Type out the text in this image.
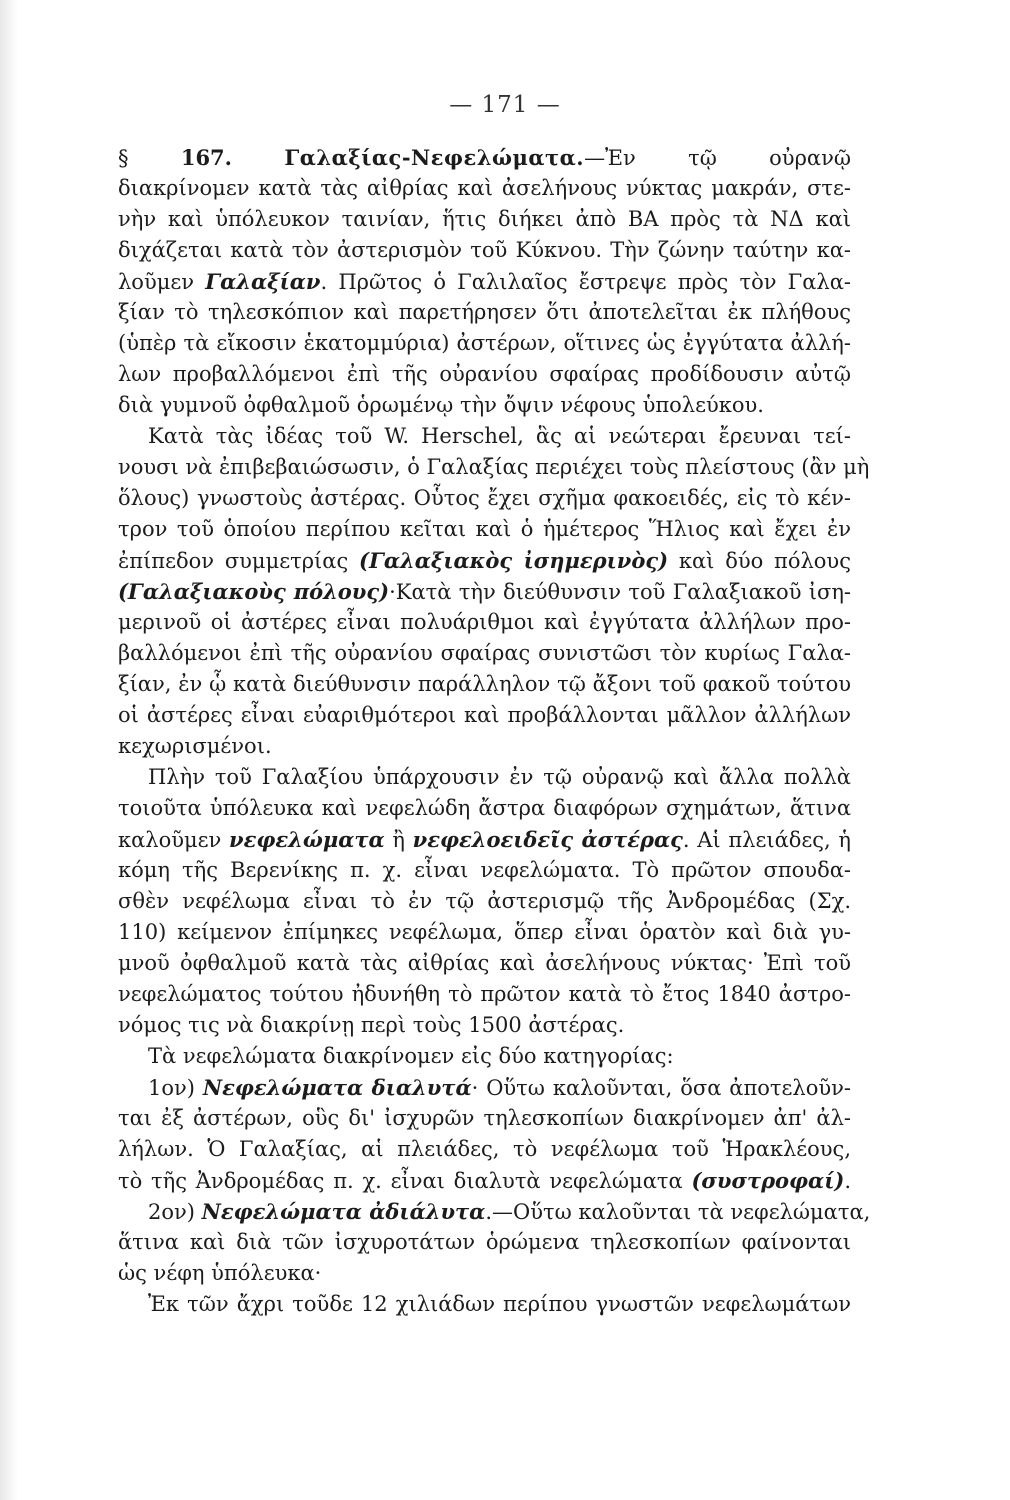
— 171 —
§ 167. Γαλαξίας-Νεφελώματα.—Ἐν τῷ οὐρανῷ
διακρίνομεν κατὰ τὰς αἰθρίας καὶ ἀσελήνους νύκτας μακράν, στε-
νὴν καὶ ὑπόλευκον ταινίαν, ἥτις διήκει ἀπὸ ΒΑ πρὸς τὰ ΝΔ καὶ
διχάζεται κατὰ τὸν ἀστερισμὸν τοῦ Κύκνου. Τὴν ζώνην ταύτην κα-
λοῦμεν Γαλαξίαν. Πρῶτος ὁ Γαλιλαῖος ἔστρεψε πρὸς τὸν Γαλα-
ξίαν τὸ τηλεσκόπιον καὶ παρετήρησεν ὅτι ἀποτελεῖται ἐκ πλήθους
(ὑπὲρ τὰ εἴκοσιν ἑκατομμύρια) ἀστέρων, οἵτινες ὡς ἐγγύτατα ἀλλή-
λων προβαλλόμενοι ἐπὶ τῆς οὐρανίου σφαίρας προδίδουσιν αὐτῷ
διὰ γυμνοῦ ὀφθαλμοῦ ὁρωμένῳ τὴν ὄψιν νέφους ὑπολεύκου.
Κατὰ τὰς ἰδέας τοῦ W. Herschel, ἃς αἱ νεώτεραι ἔρευναι τεί-
νουσι νὰ ἐπιβεβαιώσωσιν, ὁ Γαλαξίας περιέχει τοὺς πλείστους (ἂν μὴ
ὅλους) γνωστοὺς ἀστέρας. Οὗτος ἔχει σχῆμα φακοειδές, εἰς τὸ κέν-
τρον τοῦ ὁποίου περίπου κεῖται καὶ ὁ ἡμέτερος Ἥλιος καὶ ἔχει ἐν
ἐπίπεδον συμμετρίας (Γαλαξιακὸς ἰσημερινὸς) καὶ δύο πόλους
(Γαλαξιακοὺς πόλους)·Κατὰ τὴν διεύθυνσιν τοῦ Γαλαξιακοῦ ἰση-
μερινοῦ οἱ ἀστέρες εἶναι πολυάριθμοι καὶ ἐγγύτατα ἀλλήλων προ-
βαλλόμενοι ἐπὶ τῆς οὐρανίου σφαίρας συνιστῶσι τὸν κυρίως Γαλα-
ξίαν, ἐν ᾧ κατὰ διεύθυνσιν παράλληλον τῷ ἄξονι τοῦ φακοῦ τούτου
οἱ ἀστέρες εἶναι εὐαριθμότεροι καὶ προβάλλονται μᾶλλον ἀλλήλων
κεχωρισμένοι.
Πλὴν τοῦ Γαλαξίου ὑπάρχουσιν ἐν τῷ οὐρανῷ καὶ ἄλλα πολλὰ
τοιοῦτα ὑπόλευκα καὶ νεφελώδη ἄστρα διαφόρων σχημάτων, ἅτινα
καλοῦμεν νεφελώματα ἢ νεφελοειδεῖς ἀστέρας. Αἱ πλειάδες, ἡ
κόμη τῆς Βερενίκης π. χ. εἶναι νεφελώματα. Τὸ πρῶτον σπουδα-
σθὲν νεφέλωμα εἶναι τὸ ἐν τῷ ἀστερισμῷ τῆς Ἀνδρομέδας (Σχ.
110) κείμενον ἐπίμηκες νεφέλωμα, ὅπερ εἶναι ὁρατὸν καὶ διὰ γυ-
μνοῦ ὀφθαλμοῦ κατὰ τὰς αἰθρίας καὶ ἀσελήνους νύκτας· Ἐπὶ τοῦ
νεφελώματος τούτου ἠδυνήθη τὸ πρῶτον κατὰ τὸ ἔτος 1840 ἀστρο-
νόμος τις νὰ διακρίνῃ περὶ τοὺς 1500 ἀστέρας.
Τὰ νεφελώματα διακρίνομεν εἰς δύο κατηγορίας:
1ον) Νεφελώματα διαλυτά· Οὕτω καλοῦνται, ὅσα ἀποτελοῦν-
ται ἐξ ἀστέρων, οὓς δι' ἰσχυρῶν τηλεσκοπίων διακρίνομεν ἀπ' ἀλ-
λήλων. Ὁ Γαλαξίας, αἱ πλειάδες, τὸ νεφέλωμα τοῦ Ἡρακλέους,
τὸ τῆς Ἀνδρομέδας π. χ. εἶναι διαλυτὰ νεφελώματα (συστροφαί).
2ον) Νεφελώματα ἀδιάλυτα.—Οὕτω καλοῦνται τὰ νεφελώματα,
ἅτινα καὶ διὰ τῶν ἰσχυροτάτων ὁρώμενα τηλεσκοπίων φαίνονται
ὡς νέφη ὑπόλευκα·
Ἐκ τῶν ἄχρι τοῦδε 12 χιλιάδων περίπου γνωστῶν νεφελωμάτων
